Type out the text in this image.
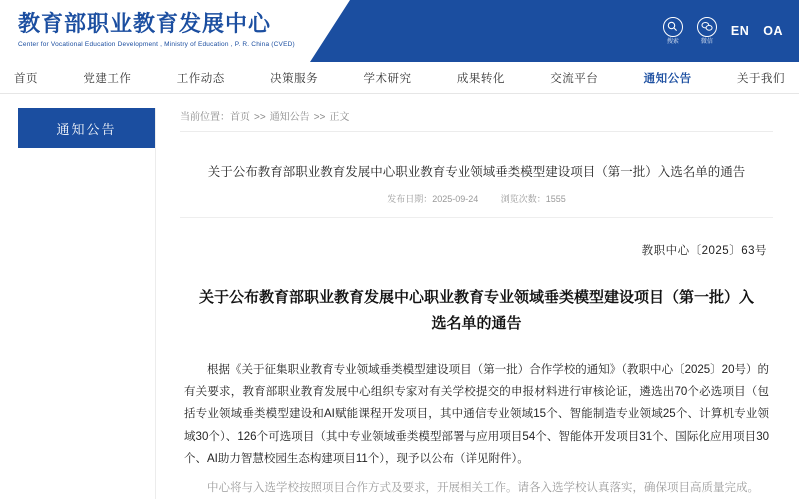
教育部职业教育发展中心
Center for Vocational Education Development , Ministry of Education , P. R. China (CVED)	搜索	微信
EN OA
首页	党建工作	工作动态	决策服务	学术研究	成果转化	交流平台	通知公告	关于我们
通知公告
当前位置：首页 >> 通知公告 >> 正文
关于公布教育部职业教育发展中心职业教育专业领域垂类模型建设项目（第一批）入选名单的通告
发布日期：2025-09-24	浏览次数：1555
教职中心〔2025〕63号
关于公布教育部职业教育发展中心职业教育专业领域垂类模型建设项目（第一批）入选名单的通告
根据《关于征集职业教育专业领域垂类模型建设项目（第一批）合作学校的通知》（教职中心〔2025〕20号）的有关要求，教育部职业教育发展中心组织专家对有关学校提交的申报材料进行审核论证，遴选出70个必选项目（包括专业领域垂类模型建设和AI赋能课程开发项目，其中通信专业领域15个、智能制造专业领域25个、计算机专业领域30个）、126个可选项目（其中专业领域垂类模型部署与应用项目54个、智能体开发项目31个、国际化应用项目30个、AI助力智慧校园生态构建项目11个），现予以公布（详见附件）。
中心将与入选学校按照项目合作方式及要求，开展相关工作。请各入选学校认真落实，确保项目高质量完成。
